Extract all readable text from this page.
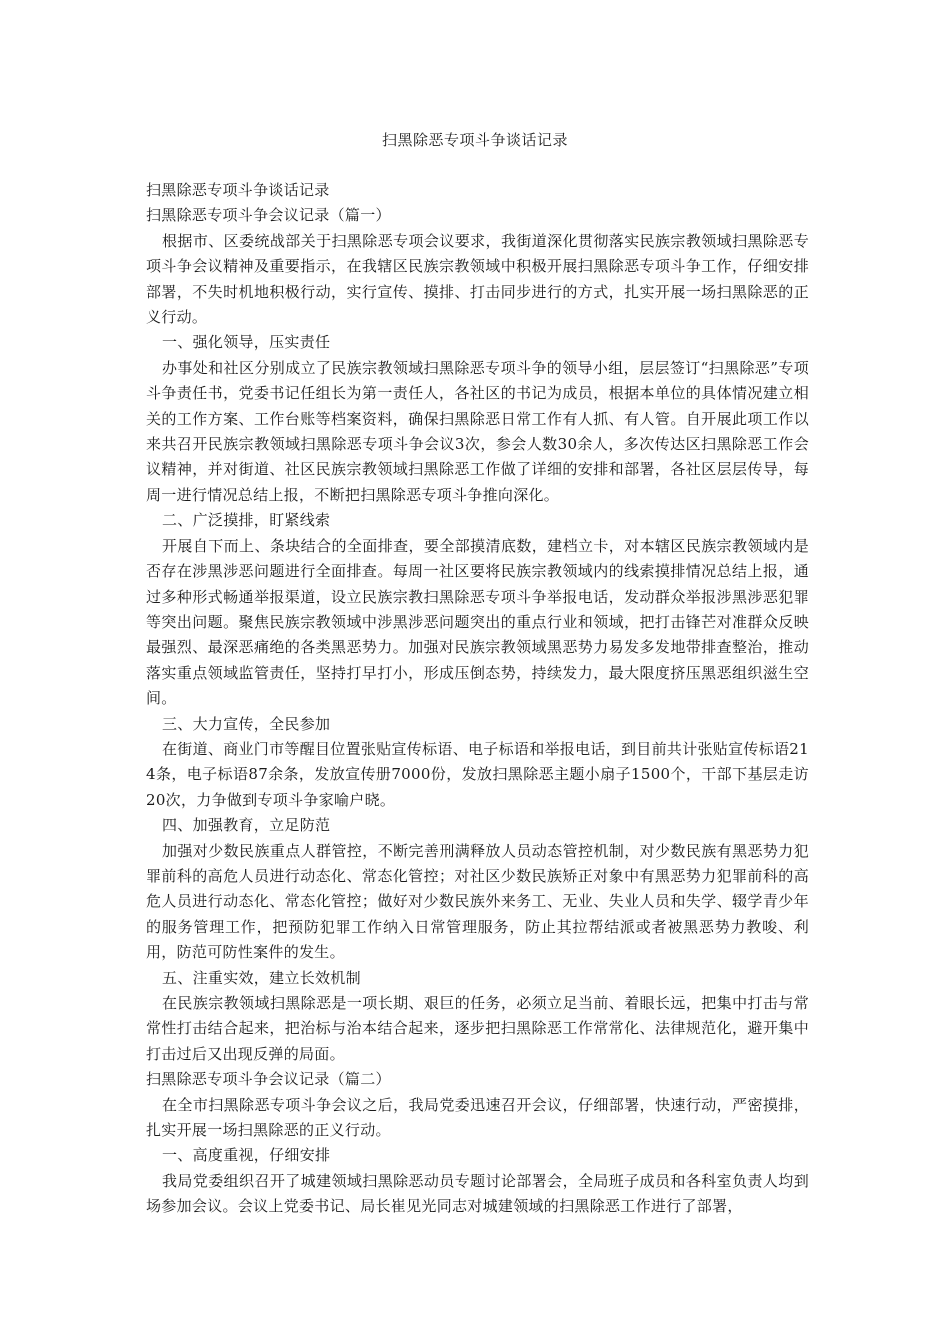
扫黑除恶专项斗争谈话记录

扫黑除恶专项斗争谈话记录

扫黑除恶专项斗争会议记录（篇一）

根据市、区委统战部关于扫黑除恶专项会议要求，我街道深化贯彻落实民族宗教领域扫黑除恶专项斗争会议精神及重要指示，在我辖区民族宗教领域中积极开展扫黑除恶专项斗争工作，仔细安排部署，不失时机地积极行动，实行宣传、摸排、打击同步进行的方式，扎实开展一场扫黑除恶的正义行动。

一、强化领导，压实责任

办事处和社区分别成立了民族宗教领域扫黑除恶专项斗争的领导小组，层层签订“扫黑除恶”专项斗争责任书，党委书记任组长为第一责任人，各社区的书记为成员，根据本单位的具体情况建立相关的工作方案、工作台账等档案资料，确保扫黑除恶日常工作有人抓、有人管。自开展此项工作以来共召开民族宗教领域扫黑除恶专项斗争会议3次，参会人数30余人，多次传达区扫黑除恶工作会议精神，并对街道、社区民族宗教领域扫黑除恶工作做了详细的安排和部署，各社区层层传导，每周一进行情况总结上报，不断把扫黑除恶专项斗争推向深化。

二、广泛摸排，盯紧线索

开展自下而上、条块结合的全面排查，要全部摸清底数，建档立卡，对本辖区民族宗教领域内是否存在涉黑涉恶问题进行全面排查。每周一社区要将民族宗教领域内的线索摸排情况总结上报，通过多种形式畅通举报渠道，设立民族宗教扫黑除恶专项斗争举报电话，发动群众举报涉黑涉恶犯罪等突出问题。聚焦民族宗教领域中涉黑涉恶问题突出的重点行业和领域，把打击锋芒对准群众反映最强烈、最深恶痛绝的各类黑恶势力。加强对民族宗教领域黑恶势力易发多发地带排查整治，推动落实重点领域监管责任，坚持打早打小，形成压倒态势，持续发力，最大限度挤压黑恶组织滋生空间。

三、大力宣传，全民参加

在街道、商业门市等醒目位置张贴宣传标语、电子标语和举报电话，到目前共计张贴宣传标语214条，电子标语87余条，发放宣传册7000份，发放扫黑除恶主题小扇子1500个，干部下基层走访20次，力争做到专项斗争家喻户晓。

四、加强教育，立足防范

加强对少数民族重点人群管控，不断完善刑满释放人员动态管控机制，对少数民族有黑恶势力犯罪前科的高危人员进行动态化、常态化管控；对社区少数民族矫正对象中有黑恶势力犯罪前科的高危人员进行动态化、常态化管控；做好对少数民族外来务工、无业、失业人员和失学、辍学青少年的服务管理工作，把预防犯罪工作纳入日常管理服务，防止其拉帮结派或者被黑恶势力教唆、利用，防范可防性案件的发生。

五、注重实效，建立长效机制

在民族宗教领域扫黑除恶是一项长期、艰巨的任务，必须立足当前、着眼长远，把集中打击与常常性打击结合起来，把治标与治本结合起来，逐步把扫黑除恶工作常常化、法律规范化，避开集中打击过后又出现反弹的局面。

扫黑除恶专项斗争会议记录（篇二）

在全市扫黑除恶专项斗争会议之后，我局党委迅速召开会议，仔细部署，快速行动，严密摸排，扎实开展一场扫黑除恶的正义行动。

一、高度重视，仔细安排

我局党委组织召开了城建领域扫黑除恶动员专题讨论部署会，全局班子成员和各科室负责人均到场参加会议。会议上党委书记、局长崔见光同志对城建领域的扫黑除恶工作进行了部署，
